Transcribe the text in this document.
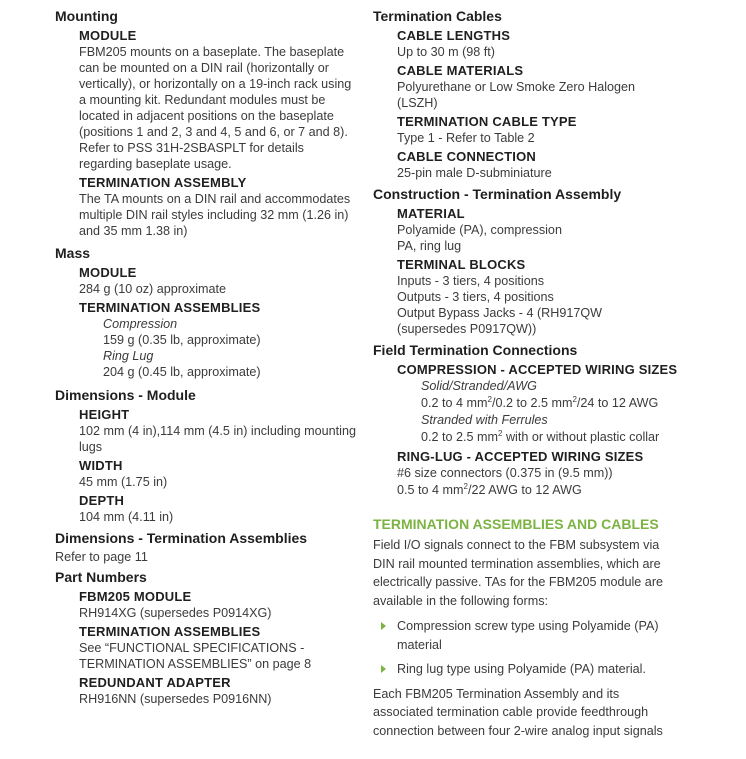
Mounting

MODULE

FBM205 mounts on a baseplate. The baseplate

can be mounted on a DIN rail (horizontally or

vertically), or horizontally on a 19-inch rack using

a mounting kit. Redundant modules must be

located in adjacent positions on the baseplate

(positions 1 and 2, 3 and 4, 5 and 6, or 7 and 8).

Refer to PSS 31H-2SBASPLT for details

regarding baseplate usage.

TERMINATION ASSEMBLY

The TA mounts on a DIN rail and accommodates

multiple DIN rail styles including 32 mm (1.26 in)

and 35 mm 1.38 in)

Mass

MODULE

284 g (10 oz) approximate

TERMINATION ASSEMBLIES

Compression

159 g (0.35 lb, approximate)

Ring Lug

204 g (0.45 lb, approximate)

Dimensions - Module

HEIGHT

102 mm (4 in),114 mm (4.5 in) including mounting

lugs

WIDTH

45 mm (1.75 in)

DEPTH

104 mm (4.11 in)

Dimensions - Termination Assemblies

Refer to page 11

Part Numbers

FBM205 MODULE

RH914XG (supersedes P0914XG)

TERMINATION ASSEMBLIES

See “FUNCTIONAL SPECIFICATIONS -

TERMINATION ASSEMBLIES” on page 8

REDUNDANT ADAPTER

RH916NN (supersedes P0916NN)

Termination Cables

CABLE LENGTHS

Up to 30 m (98 ft)

CABLE MATERIALS

Polyurethane or Low Smoke Zero Halogen

(LSZH)

TERMINATION CABLE TYPE

Type 1 - Refer to Table 2

CABLE CONNECTION

25-pin male D-subminiature

Construction - Termination Assembly

MATERIAL

Polyamide (PA), compression

PA, ring lug

TERMINAL BLOCKS

Inputs - 3 tiers, 4 positions

Outputs - 3 tiers, 4 positions

Output Bypass Jacks - 4 (RH917QW

(supersedes P0917QW))

Field Termination Connections

COMPRESSION - ACCEPTED WIRING SIZES

Solid/Stranded/AWG

0.2 to 4 $mm^2/0.2$ to 2.5 $mm^2/24$ to 12 AWG

Stranded with Ferrules

0.2 to 2.5 $mm^2$ with or without plastic collar

RING-LUG - ACCEPTED WIRING SIZES

#6 size connectors (0.375 in (9.5 mm))

0.5 to 4 $mm^2/22$ AWG to 12 AWG

TERMINATION ASSEMBLIES AND CABLES

Field I/O signals connect to the FBM subsystem via

DIN rail mounted termination assemblies, which are

electrically passive. TAs for the FBM205 module are

available in the following forms:

Compression screw type using Polyamide (PA)

material

Ring lug type using Polyamide (PA) material.

Each FBM205 Termination Assembly and its

associated termination cable provide feedthrough

connection between four 2-wire analog input signals
